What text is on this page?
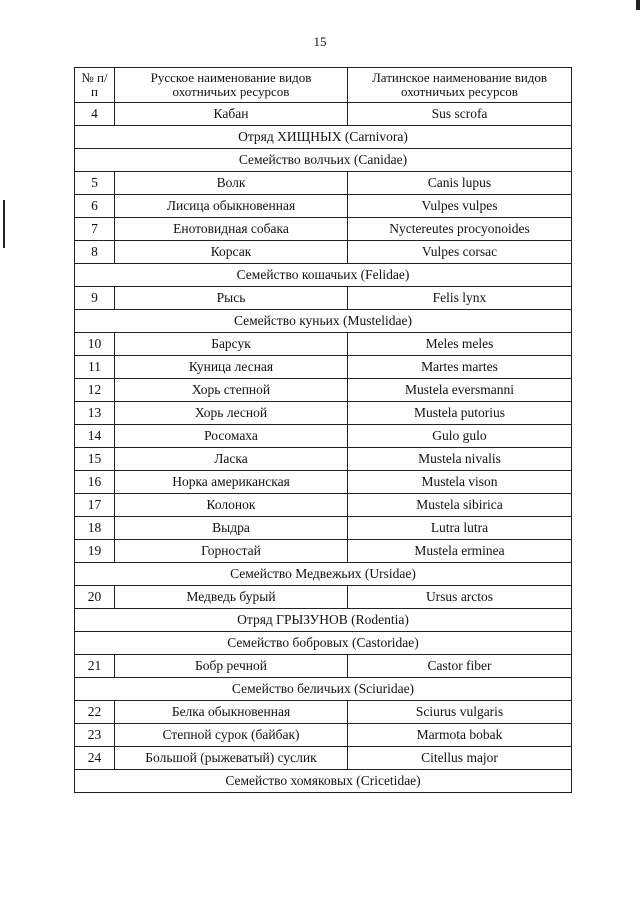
15
№ п/п	Русское наименование видов охотничьих ресурсов	Латинское наименование видов охотничьих ресурсов
4	Кабан	Sus scrofa
Отряд ХИЩНЫХ (Carnivora)		
Семейство волчьих (Canidae)		
5	Волк	Canis lupus
6	Лисица обыкновенная	Vulpes vulpes
7	Енотовидная собака	Nyctereutes procyonoides
8	Корсак	Vulpes corsac
Семейство кошачьих (Felidae)		
9	Рысь	Felis lynx
Семейство куньих (Mustelidae)		
10	Барсук	Meles meles
11	Куница лесная	Martes martes
12	Хорь степной	Mustela eversmanni
13	Хорь лесной	Mustela putorius
14	Росомаха	Gulo gulo
15	Ласка	Mustela nivalis
16	Норка американская	Mustela vison
17	Колонок	Mustela sibirica
18	Выдра	Lutra lutra
19	Горностай	Mustela erminea
Семейство Медвежьих (Ursidae)		
20	Медведь бурый	Ursus arctos
Отряд ГРЫЗУНОВ (Rodentia)		
Семейство бобровых (Castoridae)		
21	Бобр речной	Castor fiber
Семейство беличьих (Sciuridae)		
22	Белка обыкновенная	Sciurus vulgaris
23	Степной сурок (байбак)	Marmota bobak
24	Большой (рыжеватый) суслик	Citellus major
Семейство хомяковых (Cricetidae)		
